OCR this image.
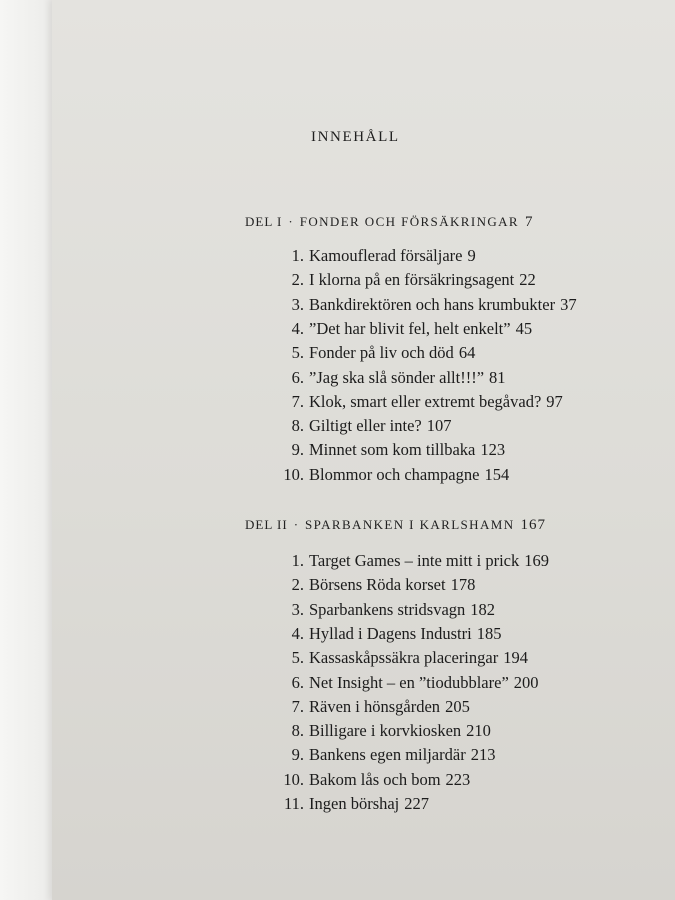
INNEHÅLL
DEL I · FONDER OCH FÖRSÄKRINGAR 7
DEL II · SPARBANKEN I KARLSHAMN 167
1. Kamouflerad försäljare 9
2. I klorna på en försäkringsagent 22
3. Bankdirektören och hans krumbukter 37
4. ”Det har blivit fel, helt enkelt” 45
5. Fonder på liv och död 64
6. ”Jag ska slå sönder allt!!!” 81
7. Klok, smart eller extremt begåvad? 97
8. Giltigt eller inte? 107
9. Minnet som kom tillbaka 123
10. Blommor och champagne 154
1. Target Games – inte mitt i prick 169
2. Börsens Röda korset 178
3. Sparbankens stridsvagn 182
4. Hyllad i Dagens Industri 185
5. Kassaskåpssäkra placeringar 194
6. Net Insight – en ”tiodubblare” 200
7. Räven i hönsgården 205
8. Billigare i korvkiosken 210
9. Bankens egen miljardär 213
10. Bakom lås och bom 223
11. Ingen börshaj 227
